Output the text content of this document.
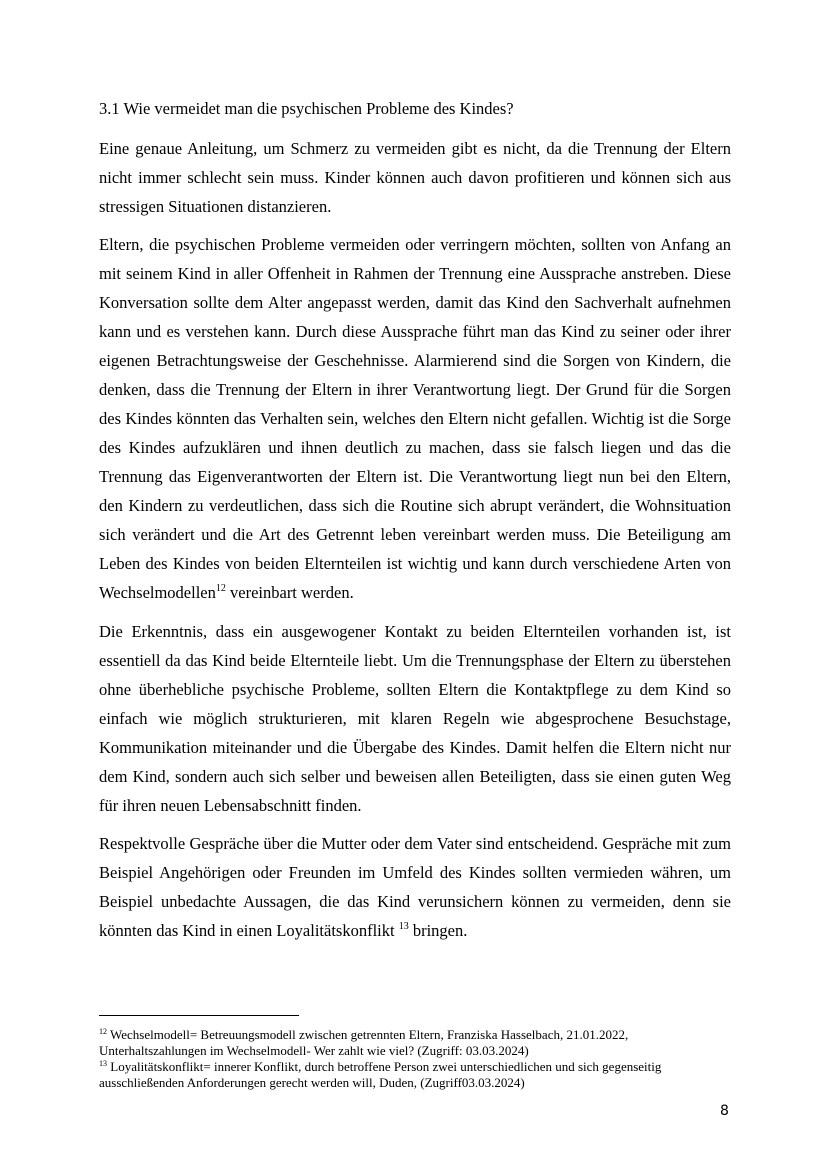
3.1 Wie vermeidet man die psychischen Probleme des Kindes?
Eine genaue Anleitung, um Schmerz zu vermeiden gibt es nicht, da die Trennung der Eltern
nicht immer schlecht sein muss. Kinder können auch davon profitieren und können sich aus
stressigen Situationen distanzieren.
Eltern, die psychischen Probleme vermeiden oder verringern möchten, sollten von Anfang an
mit seinem Kind in aller Offenheit in Rahmen der Trennung eine Aussprache anstreben. Diese
Konversation sollte dem Alter angepasst werden, damit das Kind den Sachverhalt aufnehmen
kann und es verstehen kann. Durch diese Aussprache führt man das Kind zu seiner oder ihrer
eigenen Betrachtungsweise der Geschehnisse. Alarmierend sind die Sorgen von Kindern, die
denken, dass die Trennung der Eltern in ihrer Verantwortung liegt. Der Grund für die Sorgen
des Kindes könnten das Verhalten sein, welches den Eltern nicht gefallen. Wichtig ist die Sorge
des Kindes aufzuklären und ihnen deutlich zu machen, dass sie falsch liegen und das die
Trennung das Eigenverantworten der Eltern ist. Die Verantwortung liegt nun bei den Eltern,
den Kindern zu verdeutlichen, dass sich die Routine sich abrupt verändert, die Wohnsituation
sich verändert und die Art des Getrennt leben vereinbart werden muss. Die Beteiligung am
Leben des Kindes von beiden Elternteilen ist wichtig und kann durch verschiedene Arten von
Wechselmodellen$^{12}$ vereinbart werden.
Die Erkenntnis, dass ein ausgewogener Kontakt zu beiden Elternteilen vorhanden ist, ist
essentiell da das Kind beide Elternteile liebt. Um die Trennungsphase der Eltern zu überstehen
ohne überhebliche psychische Probleme, sollten Eltern die Kontaktpflege zu dem Kind so
einfach wie möglich strukturieren, mit klaren Regeln wie abgesprochene Besuchstage,
Kommunikation miteinander und die Übergabe des Kindes. Damit helfen die Eltern nicht nur
dem Kind, sondern auch sich selber und beweisen allen Beteiligten, dass sie einen guten Weg
für ihren neuen Lebensabschnitt finden.
Respektvolle Gespräche über die Mutter oder dem Vater sind entscheidend. Gespräche mit zum
Beispiel Angehörigen oder Freunden im Umfeld des Kindes sollten vermieden währen, um
Beispiel unbedachte Aussagen, die das Kind verunsichern können zu vermeiden, denn sie
könnten das Kind in einen Loyalitätskonflikt $^{13}$ bringen.
$^{12}$ Wechselmodell= Betreuungsmodell zwischen getrennten Eltern, Franziska Hasselbach, 21.01.2022,
Unterhaltszahlungen im Wechselmodell- Wer zahlt wie viel? (Zugriff: 03.03.2024)
$^{13}$ Loyalitätskonflikt= innerer Konflikt, durch betroffene Person zwei unterschiedlichen und sich gegenseitig
ausschließenden Anforderungen gerecht werden will, Duden, (Zugriff03.03.2024)
8
